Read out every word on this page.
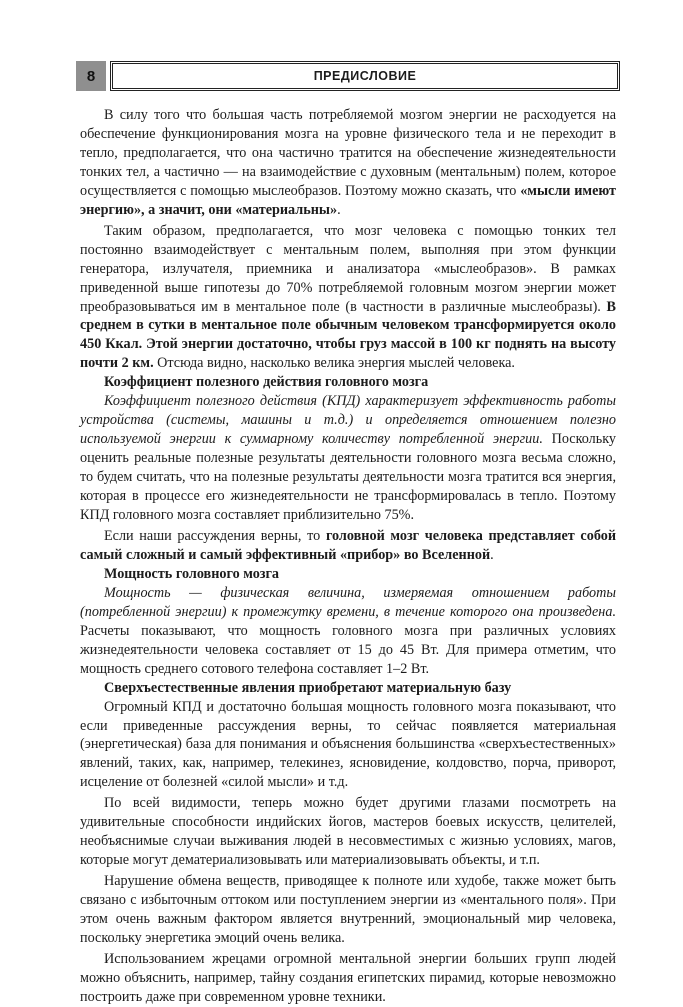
8	ПРЕДИСЛОВИЕ

В силу того что большая часть потребляемой мозгом энергии не расходуется на обеспечение функционирования мозга на уровне физического тела и не переходит в тепло, предполагается, что она частично тратится на обеспечение жизнедеятельности тонких тел, а частично — на взаимодействие с духовным (ментальным) полем, которое осуществляется с помощью мыслеобразов. Поэтому можно сказать, что «мысли имеют энергию», а значит, они «материальны».

Таким образом, предполагается, что мозг человека с помощью тонких тел постоянно взаимодействует с ментальным полем, выполняя при этом функции генератора, излучателя, приемника и анализатора «мыслеобразов». В рамках приведенной выше гипотезы до 70% потребляемой головным мозгом энергии может преобразовываться им в ментальное поле (в частности в различные мыслеобразы). В среднем в сутки в ментальное поле обычным человеком трансформируется около 450 Ккал. Этой энергии достаточно, чтобы груз массой в 100 кг поднять на высоту почти 2 км. Отсюда видно, насколько велика энергия мыслей человека.

Коэффициент полезного действия головного мозга

Коэффициент полезного действия (КПД) характеризует эффективность работы устройства (системы, машины и т.д.) и определяется отношением полезно используемой энергии к суммарному количеству потребленной энергии. Поскольку оценить реальные полезные результаты деятельности головного мозга весьма сложно, то будем считать, что на полезные результаты деятельности мозга тратится вся энергия, которая в процессе его жизнедеятельности не трансформировалась в тепло. Поэтому КПД головного мозга составляет приблизительно 75%.

Если наши рассуждения верны, то головной мозг человека представляет собой самый сложный и самый эффективный «прибор» во Вселенной.

Мощность головного мозга

Мощность — физическая величина, измеряемая отношением работы (потребленной энергии) к промежутку времени, в течение которого она произведена. Расчеты показывают, что мощность головного мозга при различных условиях жизнедеятельности человека составляет от 15 до 45 Вт. Для примера отметим, что мощность среднего сотового телефона составляет 1–2 Вт.

Сверхъестественные явления приобретают материальную базу

Огромный КПД и достаточно большая мощность головного мозга показывают, что если приведенные рассуждения верны, то сейчас появляется материальная (энергетическая) база для понимания и объяснения большинства «сверхъестественных» явлений, таких, как, например, телекинез, ясновидение, колдовство, порча, приворот, исцеление от болезней «силой мысли» и т.д.

По всей видимости, теперь можно будет другими глазами посмотреть на удивительные способности индийских йогов, мастеров боевых искусств, целителей, необъяснимые случаи выживания людей в несовместимых с жизнью условиях, магов, которые могут дематериализовывать или материализовывать объекты, и т.п.

Нарушение обмена веществ, приводящее к полноте или худобе, также может быть связано с избыточным оттоком или поступлением энергии из «ментального поля». При этом очень важным фактором является внутренний, эмоциональный мир человека, поскольку энергетика эмоций очень велика.

Использованием жрецами огромной ментальной энергии больших групп людей можно объяснить, например, тайну создания египетских пирамид, которые невозможно построить даже при современном уровне техники.
